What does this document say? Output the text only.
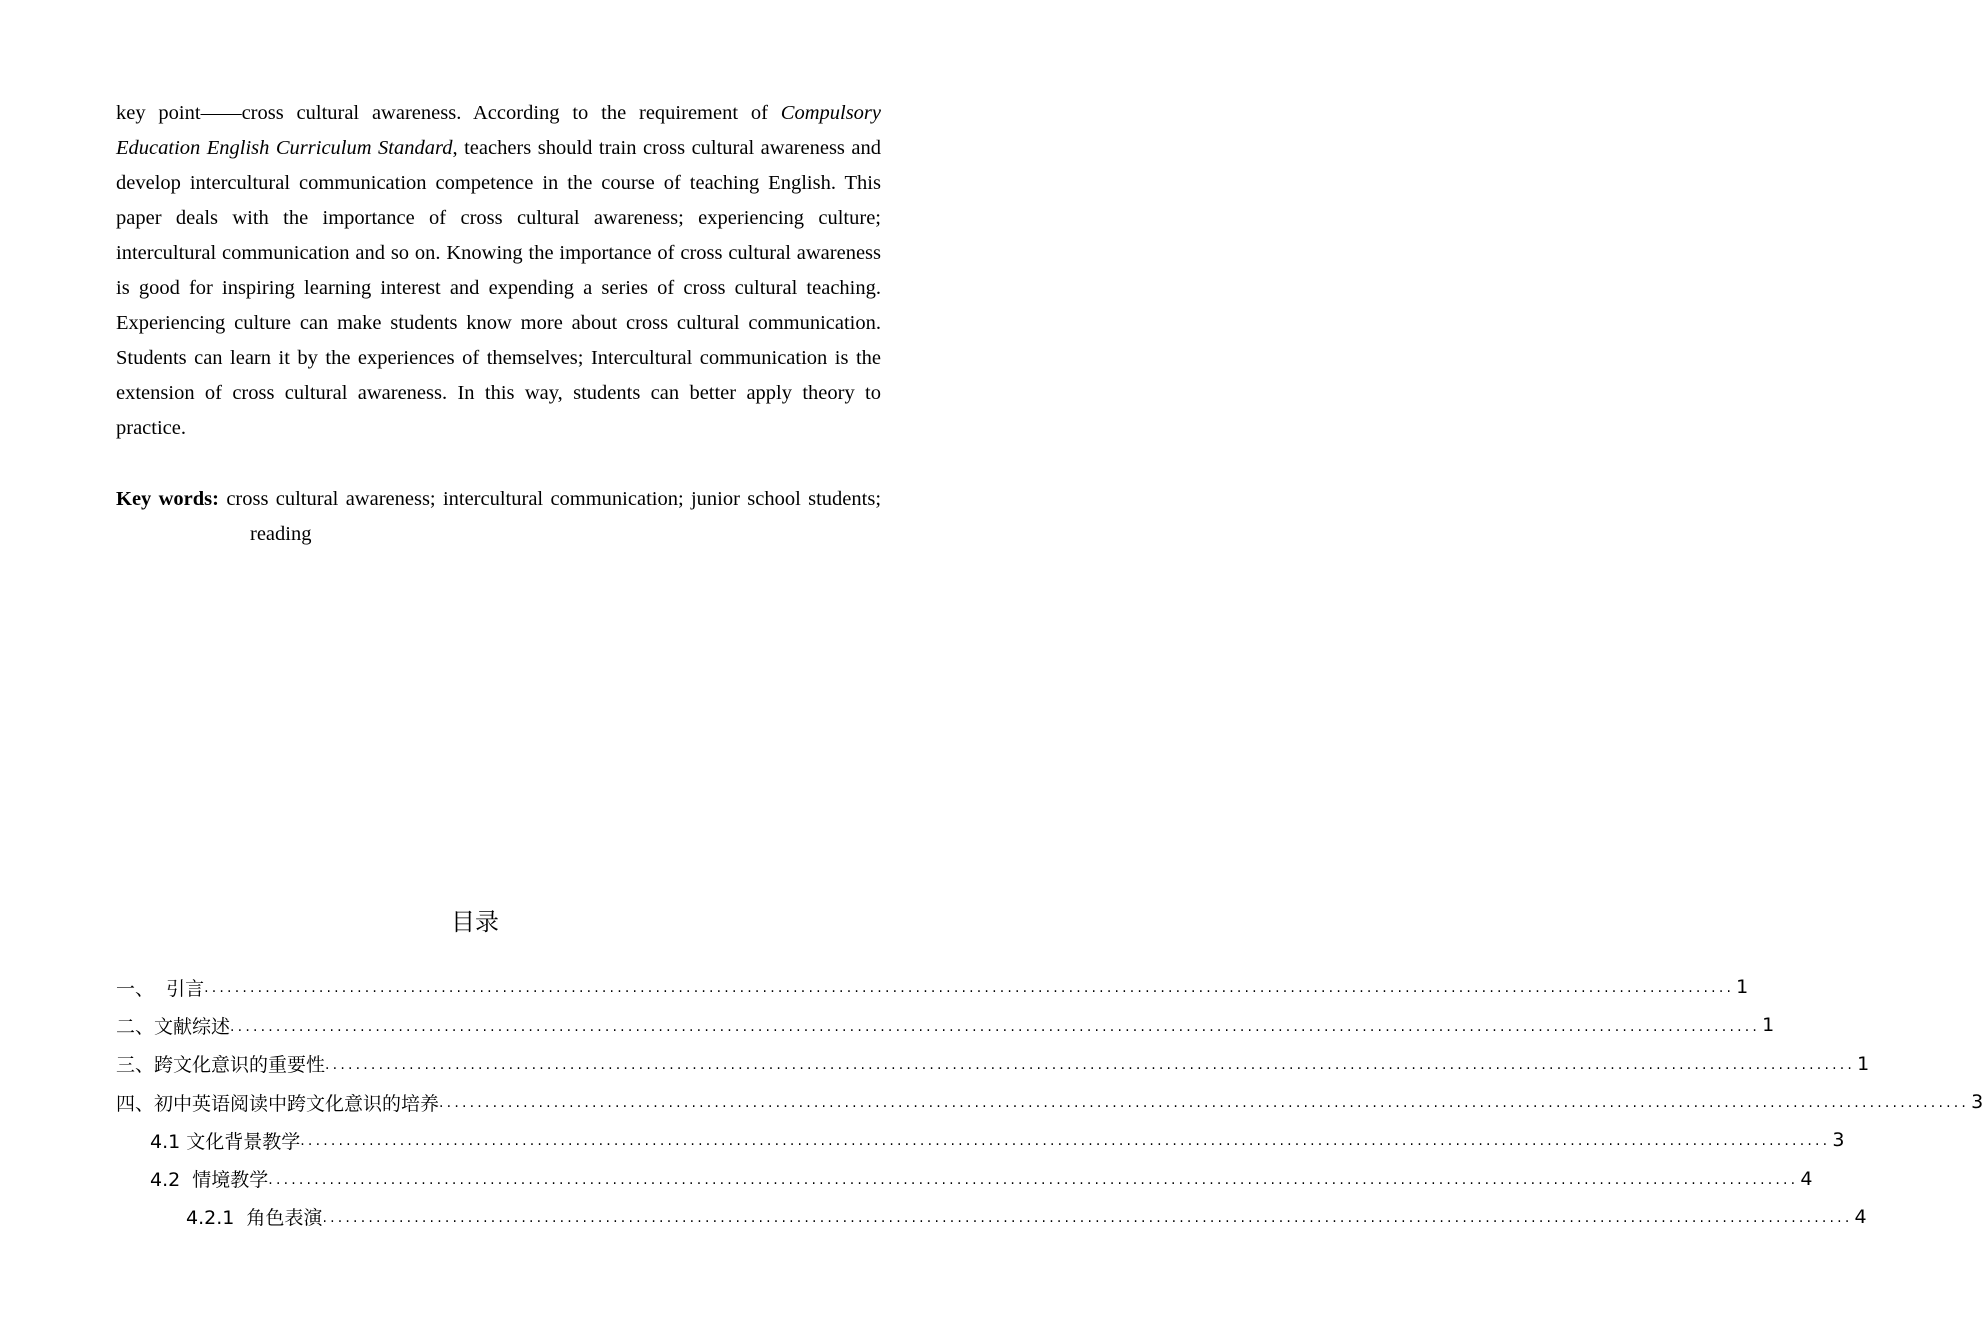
key point——cross cultural awareness. According to the requirement of Compulsory Education English Curriculum Standard, teachers should train cross cultural awareness and develop intercultural communication competence in the course of teaching English. This paper deals with the importance of cross cultural awareness; experiencing culture; intercultural communication and so on. Knowing the importance of cross cultural awareness is good for inspiring learning interest and expending a series of cross cultural teaching. Experiencing culture can make students know more about cross cultural communication. Students can learn it by the experiences of themselves; Intercultural communication is the extension of cross cultural awareness. In this way, students can better apply theory to practice.

Key words: cross cultural awareness; intercultural communication; junior school students; reading

目录
一、  引言 ........................................................................................................................................................................................................ 1
二、文献综述 ........................................................................................................................................................................................................ 1
三、跨文化意识的重要性 ........................................................................................................................................................................................................ 1
四、初中英语阅读中跨文化意识的培养 ........................................................................................................................................................................................................ 3
4.1 文化背景教学 ........................................................................................................................................................................................................ 3
4.2  情境教学 ........................................................................................................................................................................................................ 4
4.2.1  角色表演 ........................................................................................................................................................................................................ 4
